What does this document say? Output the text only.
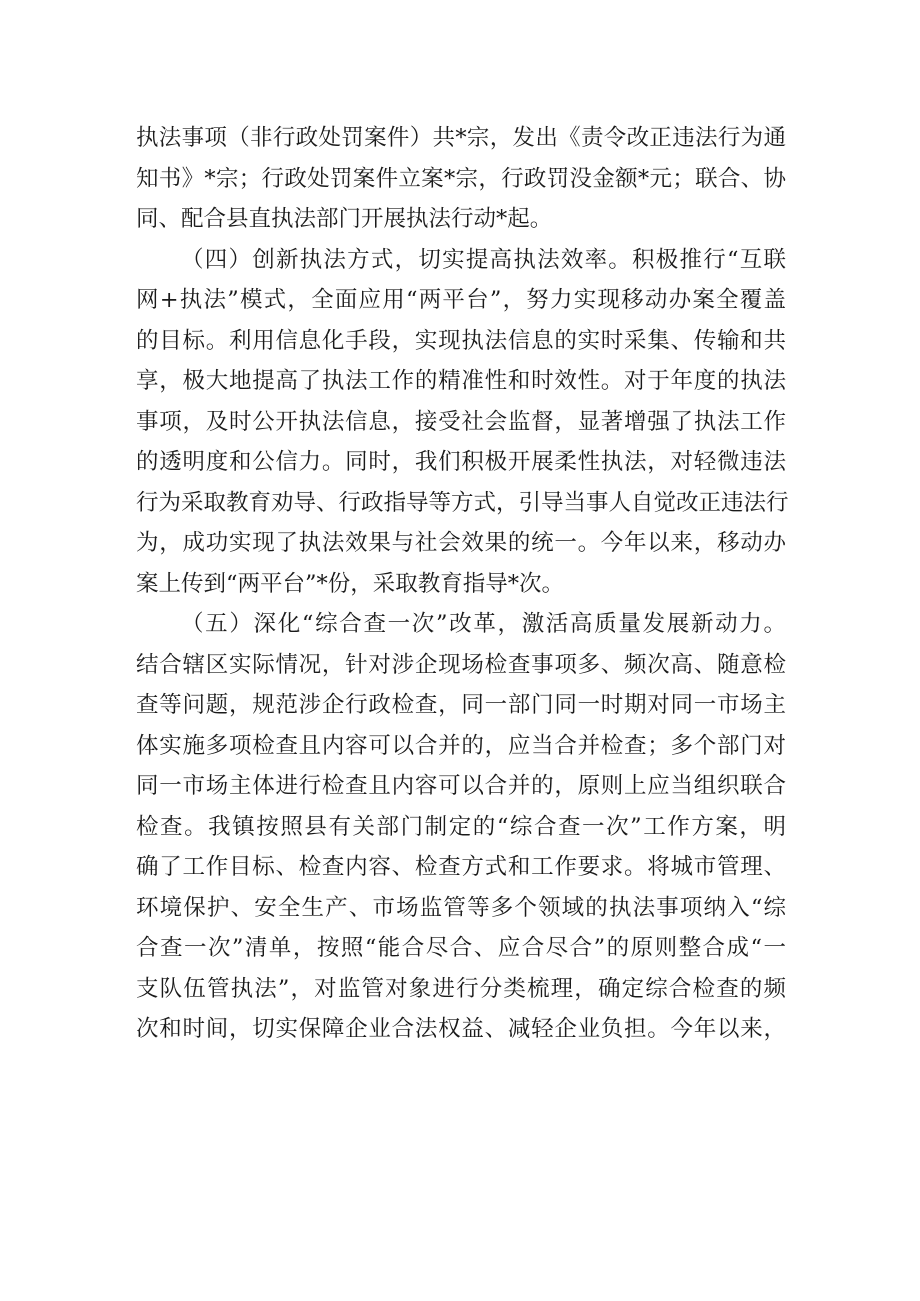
执法事项（非行政处罚案件）共*宗，发出《责令改正违法行为通
知书》*宗；行政处罚案件立案*宗，行政罚没金额*元；联合、协
同、配合县直执法部门开展执法行动*起。
（四）创新执法方式，切实提高执法效率。积极推行“互联
网+执法”模式，全面应用“两平台”，努力实现移动办案全覆盖
的目标。利用信息化手段，实现执法信息的实时采集、传输和共
享，极大地提高了执法工作的精准性和时效性。对于年度的执法
事项，及时公开执法信息，接受社会监督，显著增强了执法工作
的透明度和公信力。同时，我们积极开展柔性执法，对轻微违法
行为采取教育劝导、行政指导等方式，引导当事人自觉改正违法行
为，成功实现了执法效果与社会效果的统一。今年以来，移动办
案上传到“两平台”*份，采取教育指导*次。
（五）深化“综合查一次”改革，激活高质量发展新动力。
结合辖区实际情况，针对涉企现场检查事项多、频次高、随意检
查等问题，规范涉企行政检查，同一部门同一时期对同一市场主
体实施多项检查且内容可以合并的，应当合并检查；多个部门对
同一市场主体进行检查且内容可以合并的，原则上应当组织联合
检查。我镇按照县有关部门制定的“综合查一次”工作方案，明
确了工作目标、检查内容、检查方式和工作要求。将城市管理、
环境保护、安全生产、市场监管等多个领域的执法事项纳入“综
合查一次”清单，按照“能合尽合、应合尽合”的原则整合成“一
支队伍管执法”，对监管对象进行分类梳理，确定综合检查的频
次和时间，切实保障企业合法权益、减轻企业负担。今年以来，
